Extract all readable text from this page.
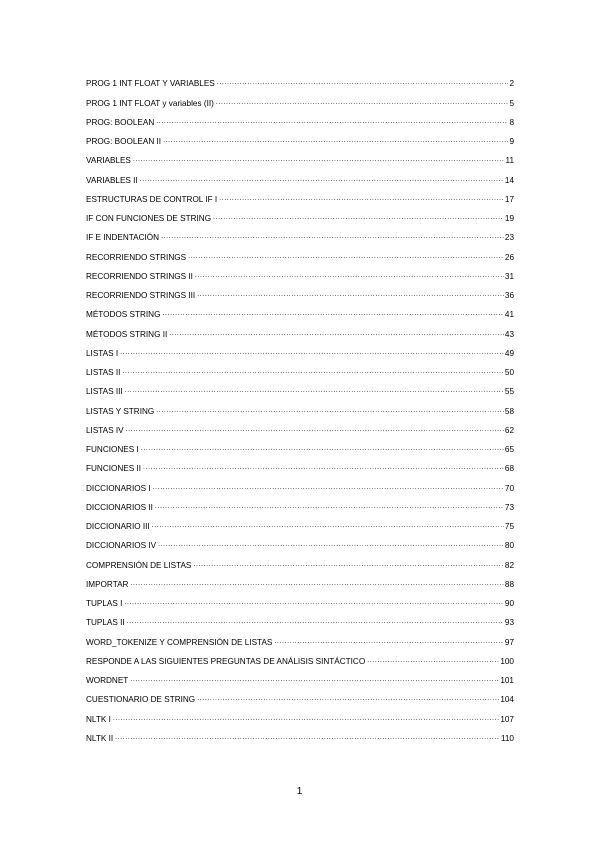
PROG 1 INT FLOAT Y VARIABLES .....	2
PROG 1 INT FLOAT y variables (II) .....	5
PROG: BOOLEAN .....	8
PROG: BOOLEAN II .....	9
VARIABLES .....	11
VARIABLES II .....	14
ESTRUCTURAS DE CONTROL IF I .....	17
IF CON FUNCIONES DE STRING .....	19
IF E INDENTACIÓN .....	23
RECORRIENDO STRINGS .....	26
RECORRIENDO STRINGS II .....	31
RECORRIENDO STRINGS III .....	36
MÉTODOS STRING .....	41
MÉTODOS STRING II .....	43
LISTAS I .....	49
LISTAS II .....	50
LISTAS III .....	55
LISTAS Y STRING .....	58
LISTAS IV .....	62
FUNCIONES I .....	65
FUNCIONES II .....	68
DICCIONARIOS I .....	70
DICCIONARIOS II .....	73
DICCIONARIO III .....	75
DICCIONARIOS IV .....	80
COMPRENSIÓN DE LISTAS .....	82
IMPORTAR .....	88
TUPLAS I .....	90
TUPLAS II .....	93
WORD_TOKENIZE Y COMPRENSIÓN DE LISTAS .....	97
RESPONDE A LAS SIGUIENTES PREGUNTAS DE ANÁLISIS SINTÁCTICO .....	100
WORDNET .....	101
CUESTIONARIO DE STRING .....	104
NLTK I .....	107
NLTK II .....	110
1
